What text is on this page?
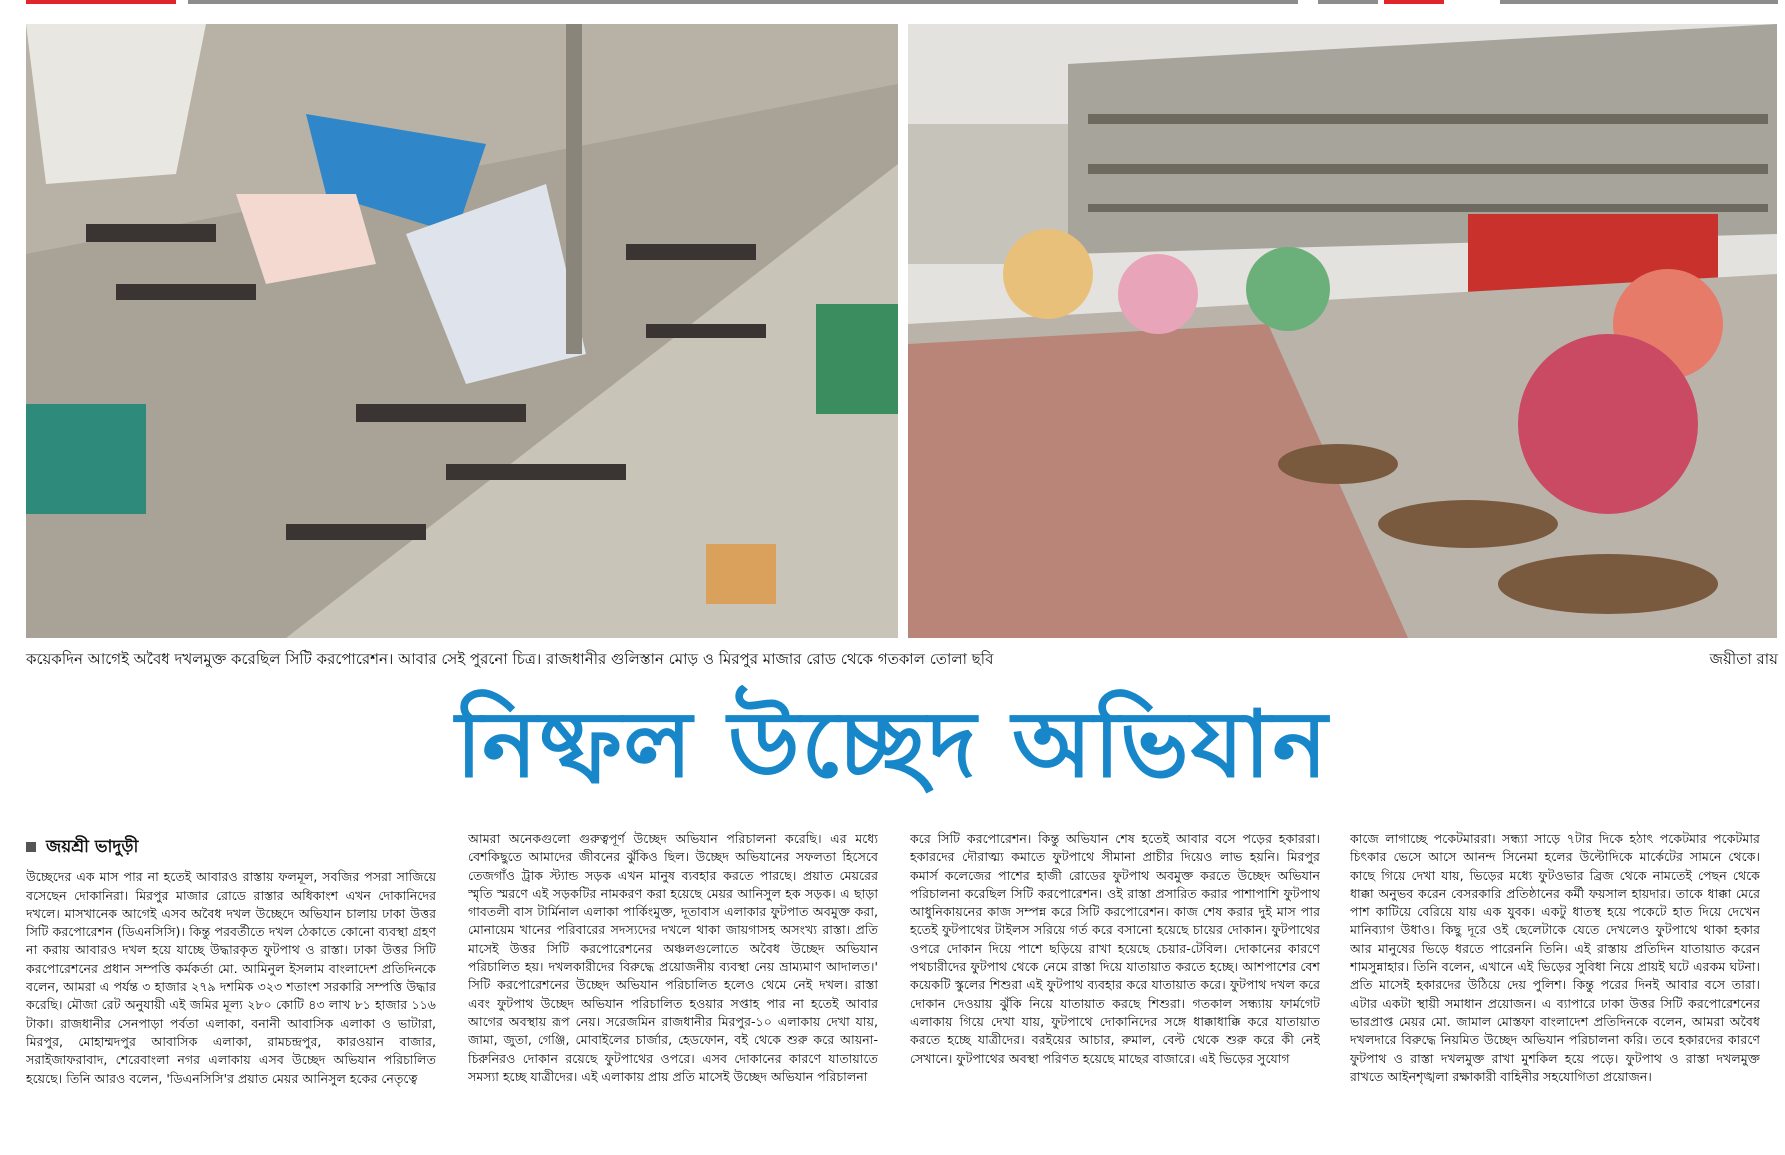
কয়েকদিন আগেই অবৈধ দখলমুক্ত করেছিল সিটি করপোরেশন। আবার সেই পুরনো চিত্র। রাজধানীর গুলিস্তান মোড় ও মিরপুর মাজার রোড থেকে গতকাল তোলা ছবি	জয়ীতা রায়
নিষ্ফল উচ্ছেদ অভিযান
জয়শ্রী ভাদুড়ী

উচ্ছেদের এক মাস পার না হতেই আবারও রাস্তায় ফলমূল, সবজির পসরা সাজিয়ে বসেছেন দোকানিরা। মিরপুর মাজার রোডে রাস্তার অধিকাংশ এখন দোকানিদের দখলে। মাসখানেক আগেই এসব অবৈধ দখল উচ্ছেদে অভিযান চালায় ঢাকা উত্তর সিটি করপোরেশন (ডিএনসিসি)। কিন্তু পরবর্তীতে দখল ঠেকাতে কোনো ব্যবস্থা গ্রহণ না করায় আবারও দখল হয়ে যাচ্ছে উদ্ধারকৃত ফুটপাথ ও রাস্তা। ঢাকা উত্তর সিটি করপোরেশনের প্রধান সম্পত্তি কর্মকর্তা মো. আমিনুল ইসলাম বাংলাদেশ প্রতিদিনকে বলেন, আমরা এ পর্যন্ত ৩ হাজার ২৭৯ দশমিক ৩২৩ শতাংশ সরকারি সম্পত্তি উদ্ধার করেছি। মৌজা রেট অনুযায়ী এই জমির মূল্য ২৮০ কোটি ৪৩ লাখ ৮১ হাজার ১১৬ টাকা। রাজধানীর সেনপাড়া পর্বতা এলাকা, বনানী আবাসিক এলাকা ও ভাটারা, মিরপুর, মোহাম্মদপুর আবাসিক এলাকা, রামচন্দ্রপুর, কারওয়ান বাজার, সরাইজাফরাবাদ, শেরেবাংলা নগর এলাকায় এসব উচ্ছেদ অভিযান পরিচালিত হয়েছে। তিনি আরও বলেন, 'ডিএনসিসি'র প্রয়াত মেয়র আনিসুল হকের নেতৃত্বে

আমরা অনেকগুলো গুরুত্বপূর্ণ উচ্ছেদ অভিযান পরিচালনা করেছি। এর মধ্যে বেশকিছুতে আমাদের জীবনের ঝুঁকিও ছিল। উচ্ছেদ অভিযানের সফলতা হিসেবে তেজগাঁও ট্রাক স্ট্যান্ড সড়ক এখন মানুষ ব্যবহার করতে পারছে। প্রয়াত মেয়রের স্মৃতি স্মরণে এই সড়কটির নামকরণ করা হয়েছে মেয়র আনিসুল হক সড়ক। এ ছাড়া গাবতলী বাস টার্মিনাল এলাকা পার্কিংমুক্ত, দূতাবাস এলাকার ফুটপাত অবমুক্ত করা, মোনায়েম খানের পরিবারের সদস্যদের দখলে থাকা জায়গাসহ অসংখ্য রাস্তা। প্রতি মাসেই উত্তর সিটি করপোরেশনের অঞ্চলগুলোতে অবৈধ উচ্ছেদ অভিযান পরিচালিত হয়। দখলকারীদের বিরুদ্ধে প্রয়োজনীয় ব্যবস্থা নেয় ভ্রাম্যমাণ আদালত।' সিটি করপোরেশনের উচ্ছেদ অভিযান পরিচালিত হলেও থেমে নেই দখল। রাস্তা এবং ফুটপাথ উচ্ছেদ অভিযান পরিচালিত হওয়ার সপ্তাহ পার না হতেই আবার আগের অবস্থায় রূপ নেয়। সরেজমিন রাজধানীর মিরপুর-১০ এলাকায় দেখা যায়, জামা, জুতা, গেঞ্জি, মোবাইলের চার্জার, হেডফোন, বই থেকে শুরু করে আয়না-চিরুনিরও দোকান রয়েছে ফুটপাথের ওপরে। এসব দোকানের কারণে যাতায়াতে সমস্যা হচ্ছে যাত্রীদের। এই এলাকায় প্রায় প্রতি মাসেই উচ্ছেদ অভিযান পরিচালনা

করে সিটি করপোরেশন। কিন্তু অভিযান শেষ হতেই আবার বসে পড়ের হকাররা। হকারদের দৌরাত্ম্য কমাতে ফুটপাথে সীমানা প্রাচীর দিয়েও লাভ হয়নি। মিরপুর কমার্স কলেজের পাশের হাজী রোডের ফুটপাথ অবমুক্ত করতে উচ্ছেদ অভিযান পরিচালনা করেছিল সিটি করপোরেশন। ওই রাস্তা প্রসারিত করার পাশাপাশি ফুটপাথ আধুনিকায়নের কাজ সম্পন্ন করে সিটি করপোরেশন। কাজ শেষ করার দুই মাস পার হতেই ফুটপাথের টাইলস সরিয়ে গর্ত করে বসানো হয়েছে চায়ের দোকান। ফুটপাথের ওপরে দোকান দিয়ে পাশে ছড়িয়ে রাখা হয়েছে চেয়ার-টেবিল। দোকানের কারণে পথচারীদের ফুটপাথ থেকে নেমে রাস্তা দিয়ে যাতায়াত করতে হচ্ছে। আশপাশের বেশ কয়েকটি স্কুলের শিশুরা এই ফুটপাথ ব্যবহার করে যাতায়াত করে। ফুটপাথ দখল করে দোকান দেওয়ায় ঝুঁকি নিয়ে যাতায়াত করছে শিশুরা। গতকাল সন্ধ্যায় ফার্মগেট এলাকায় গিয়ে দেখা যায়, ফুটপাথে দোকানিদের সঙ্গে ধাক্কাধাক্কি করে যাতায়াত করতে হচ্ছে যাত্রীদের। বরইয়ের আচার, রুমাল, বেল্ট থেকে শুরু করে কী নেই সেখানে। ফুটপাথের অবস্থা পরিণত হয়েছে মাছের বাজারে। এই ভিড়ের সুযোগ

কাজে লাগাচ্ছে পকেটমাররা। সন্ধ্যা সাড়ে ৭টার দিকে হঠাৎ পকেটমার পকেটমার চিৎকার ভেসে আসে আনন্দ সিনেমা হলের উল্টোদিকে মার্কেটের সামনে থেকে। কাছে গিয়ে দেখা যায়, ভিড়ের মধ্যে ফুটওভার ব্রিজ থেকে নামতেই পেছন থেকে ধাক্কা অনুভব করেন বেসরকারি প্রতিষ্ঠানের কর্মী ফয়সাল হায়দার। তাকে ধাক্কা মেরে পাশ কাটিয়ে বেরিয়ে যায় এক যুবক। একটু ধাতস্থ হয়ে পকেটে হাত দিয়ে দেখেন মানিব্যাগ উধাও। কিছু দূরে ওই ছেলেটাকে যেতে দেখলেও ফুটপাথে থাকা হকার আর মানুষের ভিড়ে ধরতে পারেননি তিনি। এই রাস্তায় প্রতিদিন যাতায়াত করেন শামসুন্নাহার। তিনি বলেন, এখানে এই ভিড়ের সুবিধা নিয়ে প্রায়ই ঘটে এরকম ঘটনা। প্রতি মাসেই হকারদের উঠিয়ে দেয় পুলিশ। কিন্তু পরের দিনই আবার বসে তারা। এটার একটা স্থায়ী সমাধান প্রয়োজন। এ ব্যাপারে ঢাকা উত্তর সিটি করপোরেশনের ভারপ্রাপ্ত মেয়র মো. জামাল মোস্তফা বাংলাদেশ প্রতিদিনকে বলেন, আমরা অবৈধ দখলদারে বিরুদ্ধে নিয়মিত উচ্ছেদ অভিযান পরিচালনা করি। তবে হকারদের কারণে ফুটপাথ ও রাস্তা দখলমুক্ত রাখা মুশকিল হয়ে পড়ে। ফুটপাথ ও রাস্তা দখলমুক্ত রাখতে আইনশৃঙ্খলা রক্ষাকারী বাহিনীর সহযোগিতা প্রয়োজন।
